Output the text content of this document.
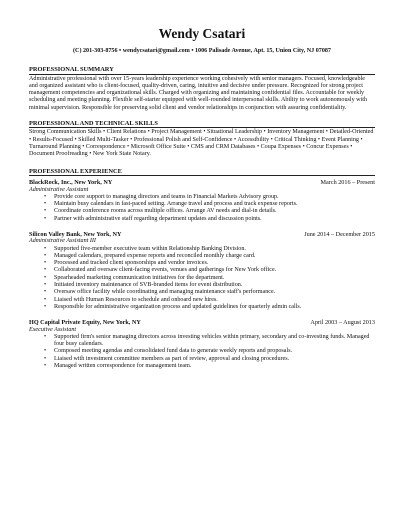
Wendy Csatari
(C) 201-303-8756 • wendycsatari@gmail.com • 1006 Palisade Avenue, Apt. 15, Union City, NJ 07087
PROFESSIONAL SUMMARY
Administrative professional with over 15-years leadership experience working cohesively with senior managers. Focused, knowledgeable and organized assistant who is client-focused, quality-driven, caring, intuitive and decisive under pressure. Recognized for strong project management competencies and organizational skills. Charged with organizing and maintaining confidential files. Accountable for weekly scheduling and meeting planning. Flexible self-starter equipped with well-rounded interpersonal skills. Ability to work autonomously with minimal supervision. Responsible for preserving solid client and vendor relationships in conjunction with assuring confidentiality.
PROFESSIONAL AND TECHNICAL SKILLS
Strong Communication Skills • Client Relations • Project Management • Situational Leadership • Inventory Management • Detailed-Oriented • Results-Focused • Skilled Multi-Tasker • Professional Polish and Self-Confidence • Accessibility • Critical Thinking • Event Planning • Turnaround Planning • Correspondence • Microsoft Office Suite • CMS and CRM Databases • Coupa Expenses • Concur Expenses • Document Proofreading • New York State Notary.
PROFESSIONAL EXPERIENCE
BlackRock, Inc., New York, NY	March 2016 – Present
Administrative Assistant
• Provide core support to managing directors and teams in Financial Markets Advisory group.
• Maintain busy calendars in fast-paced setting. Arrange travel and process and track expense reports.
• Coordinate conference rooms across multiple offices. Arrange AV needs and dial-in details.
• Partner with administrative staff regarding department updates and discussion points.
Silicon Valley Bank, New York, NY	June 2014 – December 2015
Administrative Assistant III
• Supported five-member executive team within Relationship Banking Division.
• Managed calendars, prepared expense reports and reconciled monthly charge card.
• Processed and tracked client sponsorships and vendor invoices.
• Collaborated and oversaw client-facing events, venues and gatherings for New York office.
• Spearheaded marketing communication initiatives for the department.
• Initiated inventory maintenance of SVB-branded items for event distribution.
• Oversaw office facility while coordinating and managing maintenance staff's performance.
• Liaised with Human Resources to schedule and onboard new hires.
• Responsible for administrative organization process and updated guidelines for quarterly admin calls.
HQ Capital Private Equity, New York, NY	April 2003 – August 2013
Executive Assistant
• Supported firm's senior managing directors across investing vehicles within primary, secondary and co-investing funds. Managed four busy calendars.
• Composed meeting agendas and consolidated fund data to generate weekly reports and proposals.
• Liaised with investment committee members as part of review, approval and closing procedures.
• Managed written correspondence for management team.
